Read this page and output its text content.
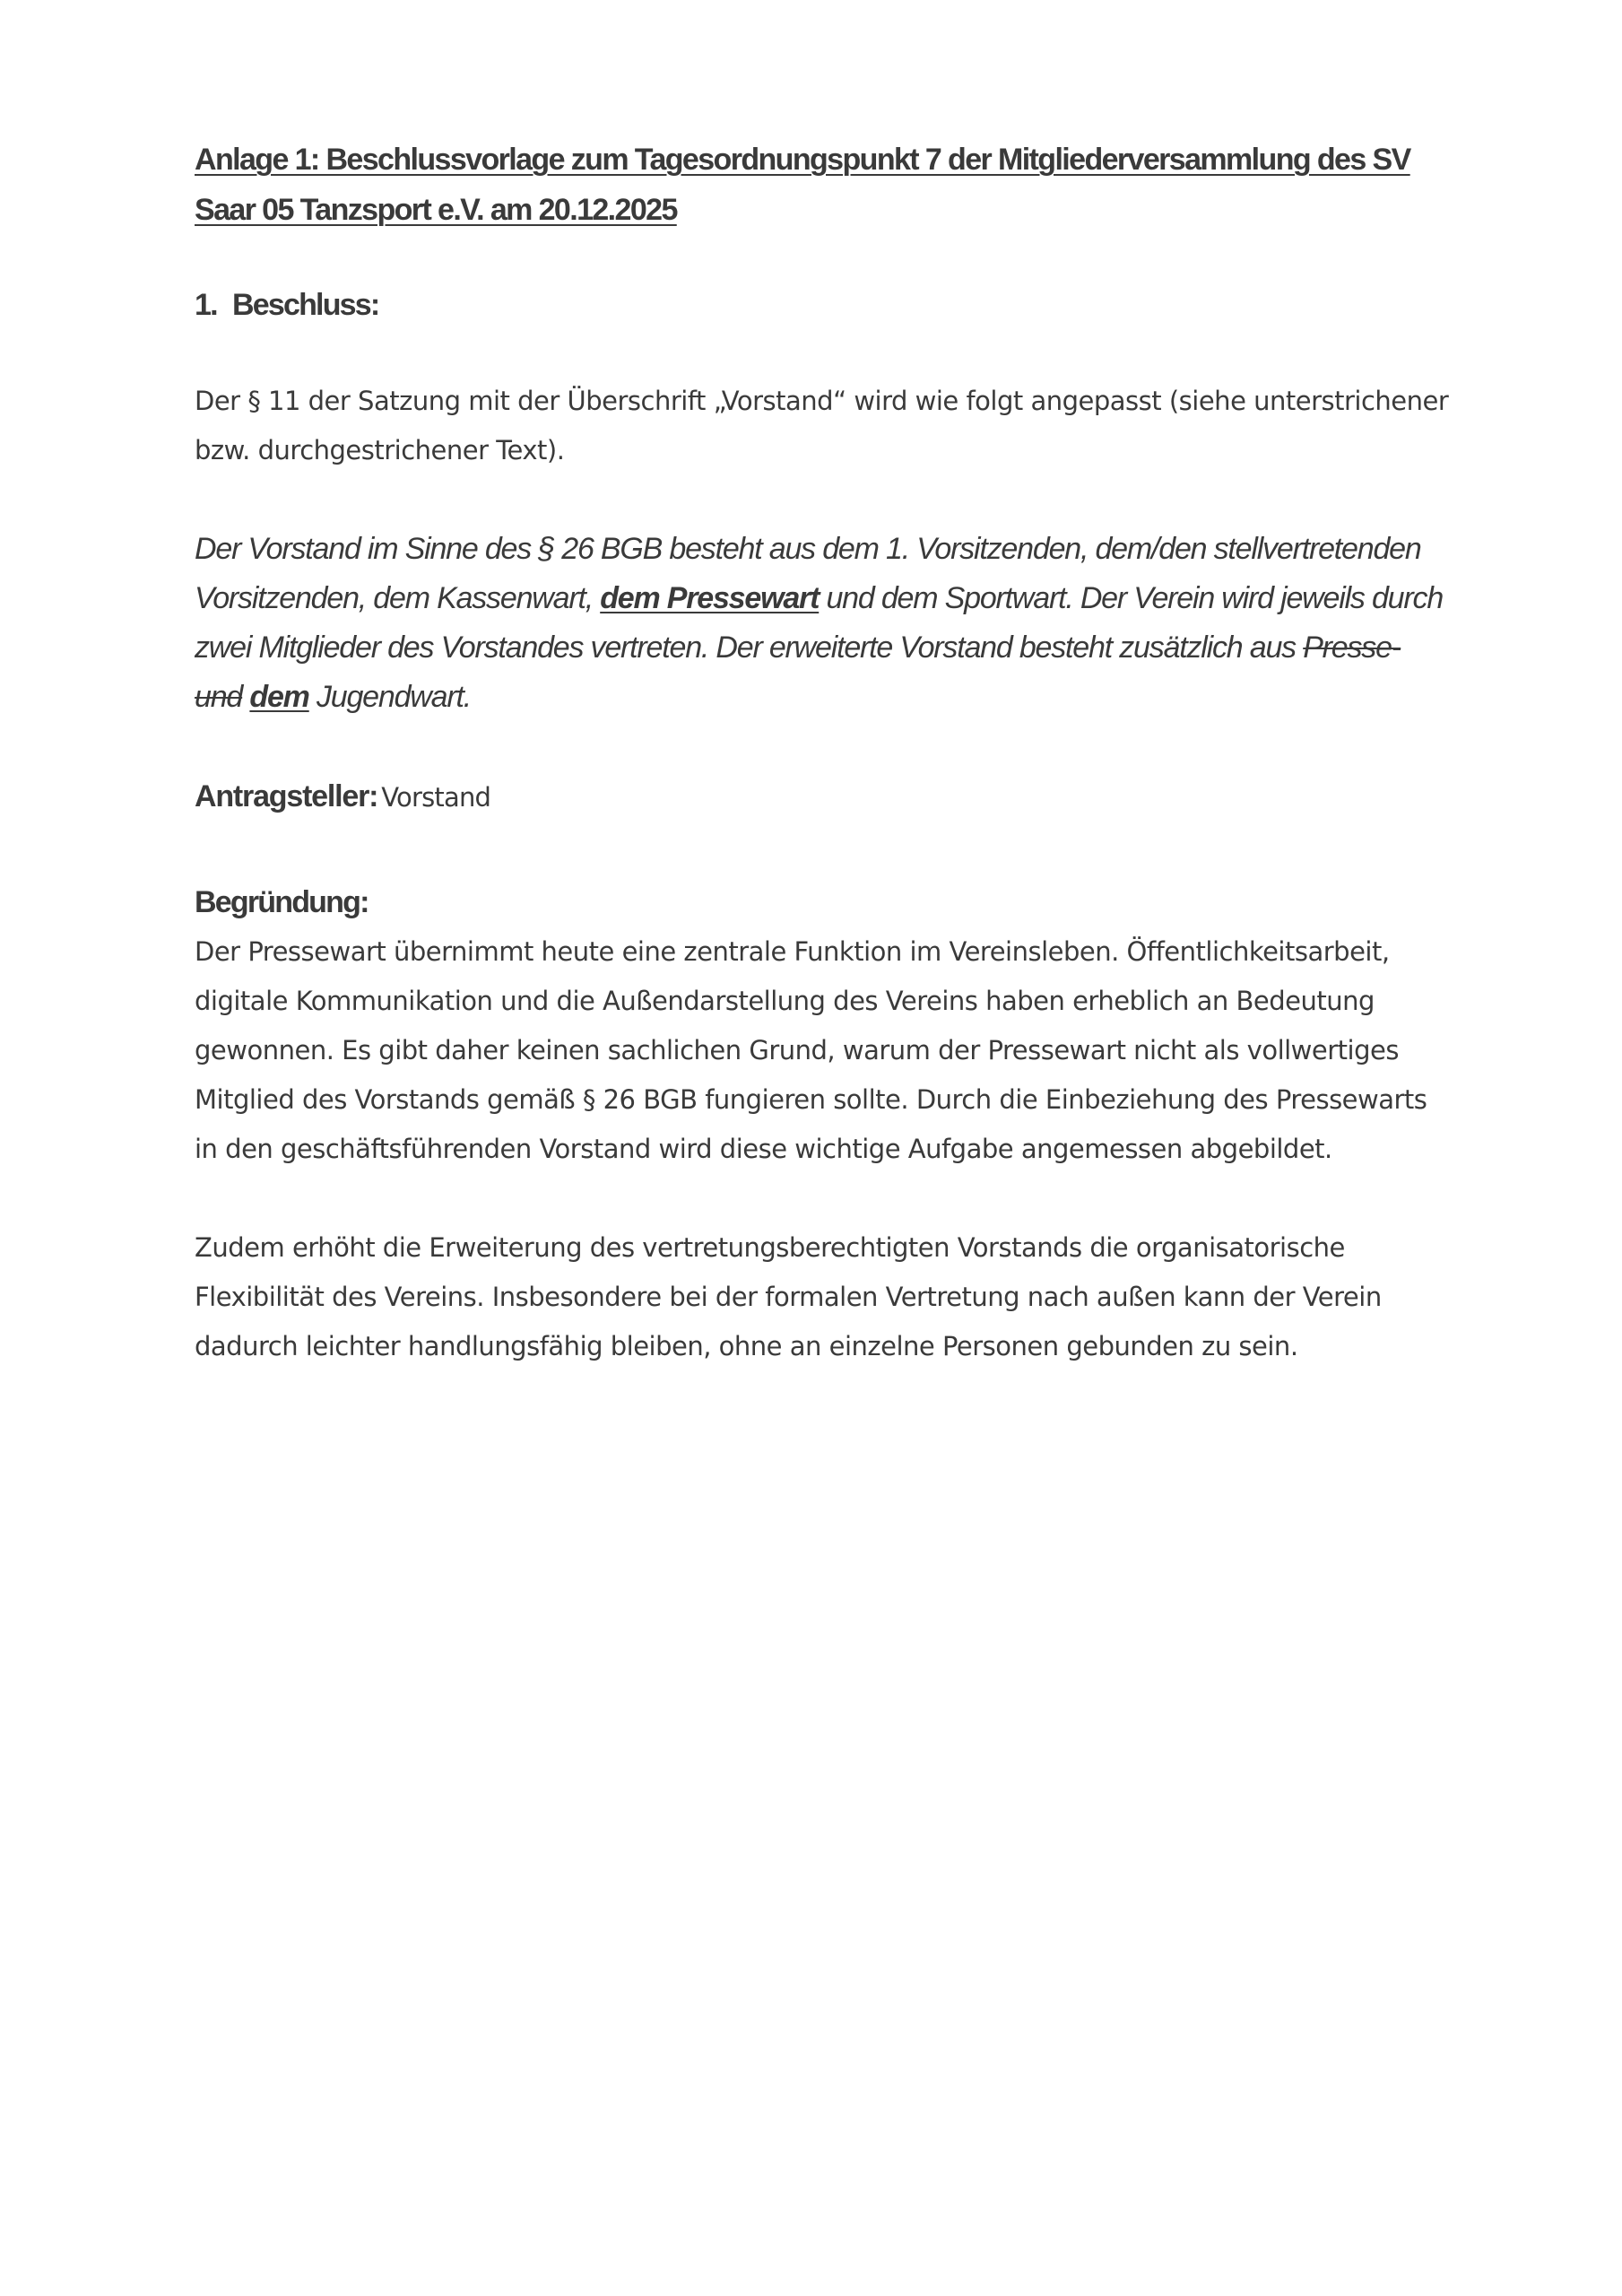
Anlage 1: Beschlussvorlage zum Tagesordnungspunkt 7 der Mitgliederversammlung des SV Saar 05 Tanzsport e.V. am 20.12.2025
1. Beschluss:

Der § 11 der Satzung mit der Überschrift „Vorstand“ wird wie folgt angepasst (siehe unterstrichener bzw. durchgestrichener Text).

Der Vorstand im Sinne des § 26 BGB besteht aus dem 1. Vorsitzenden, dem/den stellvertretenden Vorsitzenden, dem Kassenwart, dem Pressewart und dem Sportwart. Der Verein wird jeweils durch zwei Mitglieder des Vorstandes vertreten. Der erweiterte Vorstand besteht zusätzlich aus Presse- und dem Jugendwart.

Antragsteller: Vorstand
Begründung:

Der Pressewart übernimmt heute eine zentrale Funktion im Vereinsleben. Öffentlichkeitsarbeit, digitale Kommunikation und die Außendarstellung des Vereins haben erheblich an Bedeutung gewonnen. Es gibt daher keinen sachlichen Grund, warum der Pressewart nicht als vollwertiges Mitglied des Vorstands gemäß § 26 BGB fungieren sollte. Durch die Einbeziehung des Pressewarts in den geschäftsführenden Vorstand wird diese wichtige Aufgabe angemessen abgebildet.

Zudem erhöht die Erweiterung des vertretungsberechtigten Vorstands die organisatorische Flexibilität des Vereins. Insbesondere bei der formalen Vertretung nach außen kann der Verein dadurch leichter handlungsfähig bleiben, ohne an einzelne Personen gebunden zu sein.
